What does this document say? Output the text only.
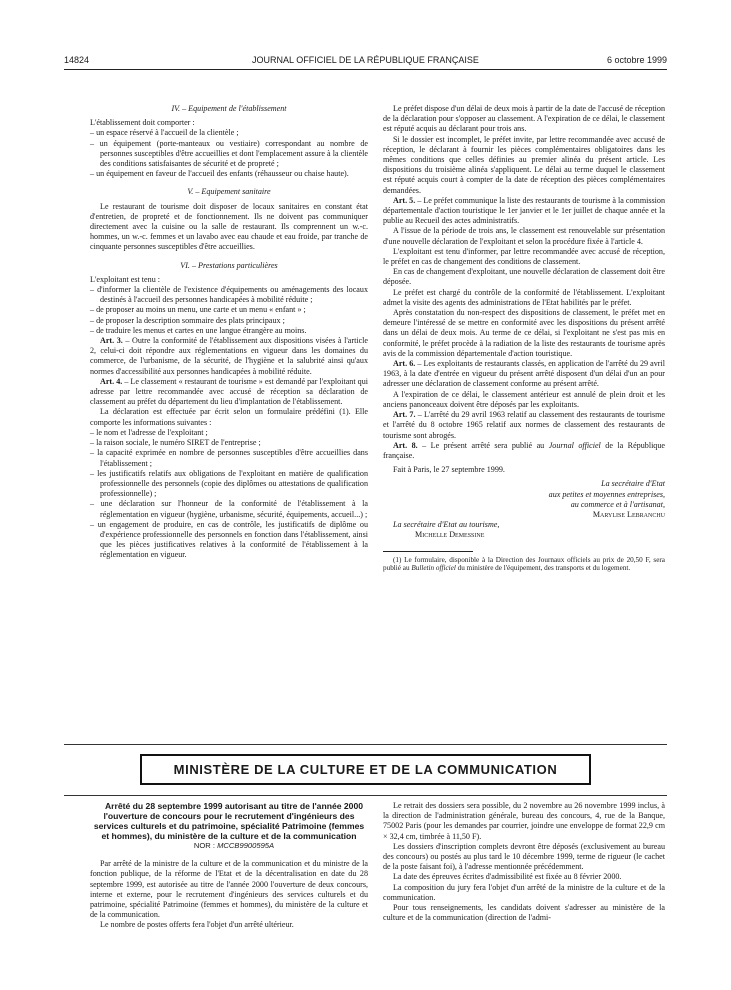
14824	JOURNAL OFFICIEL DE LA RÉPUBLIQUE FRANÇAISE	6 octobre 1999

IV. – Equipement de l'établissement

L'établissement doit comporter :

– un espace réservé à l'accueil de la clientèle ;

– un équipement (porte-manteaux ou vestiaire) correspondant au nombre de personnes susceptibles d'être accueillies et dont l'emplacement assure à la clientèle des conditions satisfaisantes de sécurité et de propreté ;

– un équipement en faveur de l'accueil des enfants (réhausseur ou chaise haute).

V. – Equipement sanitaire

Le restaurant de tourisme doit disposer de locaux sanitaires en constant état d'entretien, de propreté et de fonctionnement. Ils ne doivent pas communiquer directement avec la cuisine ou la salle de restaurant. Ils comprennent un w.-c. hommes, un w.-c. femmes et un lavabo avec eau chaude et eau froide, par tranche de cinquante personnes susceptibles d'être accueillies.

VI. – Prestations particulières

L'exploitant est tenu :

– d'informer la clientèle de l'existence d'équipements ou aménagements des locaux destinés à l'accueil des personnes handicapées à mobilité réduite ;

– de proposer au moins un menu, une carte et un menu « enfant » ;

– de proposer la description sommaire des plats principaux ;

– de traduire les menus et cartes en une langue étrangère au moins.

Art. 3. – Outre la conformité de l'établissement aux dispositions visées à l'article 2, celui-ci doit répondre aux réglementations en vigueur dans les domaines du commerce, de l'urbanisme, de la sécurité, de l'hygiène et la salubrité ainsi qu'aux normes d'accessibilité aux personnes handicapées à mobilité réduite.

Art. 4. – Le classement « restaurant de tourisme » est demandé par l'exploitant qui adresse par lettre recommandée avec accusé de réception sa déclaration de classement au préfet du département du lieu d'implantation de l'établissement.

La déclaration est effectuée par écrit selon un formulaire prédéfini (1). Elle comporte les informations suivantes :

– le nom et l'adresse de l'exploitant ;

– la raison sociale, le numéro SIRET de l'entreprise ;

– la capacité exprimée en nombre de personnes susceptibles d'être accueillies dans l'établissement ;

– les justificatifs relatifs aux obligations de l'exploitant en matière de qualification professionnelle des personnels (copie des diplômes ou attestations de qualification professionnelle) ;

– une déclaration sur l'honneur de la conformité de l'établissement à la réglementation en vigueur (hygiène, urbanisme, sécurité, équipements, accueil...) ;

– un engagement de produire, en cas de contrôle, les justificatifs de diplôme ou d'expérience professionnelle des personnels en fonction dans l'établissement, ainsi que les pièces justificatives relatives à la conformité de l'établissement à la réglementation en vigueur.

Le préfet dispose d'un délai de deux mois à partir de la date de l'accusé de réception de la déclaration pour s'opposer au classement. A l'expiration de ce délai, le classement est réputé acquis au déclarant pour trois ans.

Si le dossier est incomplet, le préfet invite, par lettre recommandée avec accusé de réception, le déclarant à fournir les pièces complémentaires obligatoires dans les mêmes conditions que celles définies au premier alinéa du présent article. Les dispositions du troisième alinéa s'appliquent. Le délai au terme duquel le classement est réputé acquis court à compter de la date de réception des pièces complémentaires demandées.

Art. 5. – Le préfet communique la liste des restaurants de tourisme à la commission départementale d'action touristique le 1er janvier et le 1er juillet de chaque année et la publie au Recueil des actes administratifs.

A l'issue de la période de trois ans, le classement est renouvelable sur présentation d'une nouvelle déclaration de l'exploitant et selon la procédure fixée à l'article 4.

L'exploitant est tenu d'informer, par lettre recommandée avec accusé de réception, le préfet en cas de changement des conditions de classement.

En cas de changement d'exploitant, une nouvelle déclaration de classement doit être déposée.

Le préfet est chargé du contrôle de la conformité de l'établissement. L'exploitant admet la visite des agents des administrations de l'Etat habilités par le préfet.

Après constatation du non-respect des dispositions de classement, le préfet met en demeure l'intéressé de se mettre en conformité avec les dispositions du présent arrêté dans un délai de deux mois. Au terme de ce délai, si l'exploitant ne s'est pas mis en conformité, le préfet procède à la radiation de la liste des restaurants de tourisme après avis de la commission départementale d'action touristique.

Art. 6. – Les exploitants de restaurants classés, en application de l'arrêté du 29 avril 1963, à la date d'entrée en vigueur du présent arrêté disposent d'un délai d'un an pour adresser une déclaration de classement conforme au présent arrêté.

A l'expiration de ce délai, le classement antérieur est annulé de plein droit et les anciens panonceaux doivent être déposés par les exploitants.

Art. 7. – L'arrêté du 29 avril 1963 relatif au classement des restaurants de tourisme et l'arrêté du 8 octobre 1965 relatif aux normes de classement des restaurants de tourisme sont abrogés.

Art. 8. – Le présent arrêté sera publié au Journal officiel de la République française.

Fait à Paris, le 27 septembre 1999.

La secrétaire d'Etat

aux petites et moyennes entreprises,

au commerce et à l'artisanat,

Marylise Lebranchu

La secrétaire d'Etat au tourisme,

Michelle Demessine

(1) Le formulaire, disponible à la Direction des Journaux officiels au prix de 20,50 F, sera publié au Bulletin officiel du ministère de l'équipement, des transports et du logement.

MINISTÈRE DE LA CULTURE ET DE LA COMMUNICATION

Arrêté du 28 septembre 1999 autorisant au titre de l'année 2000 l'ouverture de concours pour le recrutement d'ingénieurs des services culturels et du patrimoine, spécialité Patrimoine (femmes et hommes), du ministère de la culture et de la communication

NOR : MCCB9900595A

Par arrêté de la ministre de la culture et de la communication et du ministre de la fonction publique, de la réforme de l'Etat et de la décentralisation en date du 28 septembre 1999, est autorisée au titre de l'année 2000 l'ouverture de deux concours, interne et externe, pour le recrutement d'ingénieurs des services culturels et du patrimoine, spécialité Patrimoine (femmes et hommes), du ministère de la culture et de la communication.

Le nombre de postes offerts fera l'objet d'un arrêté ultérieur.

Le retrait des dossiers sera possible, du 2 novembre au 26 novembre 1999 inclus, à la direction de l'administration générale, bureau des concours, 4, rue de la Banque, 75002 Paris (pour les demandes par courrier, joindre une enveloppe de format 22,9 cm × 32,4 cm, timbrée à 11,50 F).

Les dossiers d'inscription complets devront être déposés (exclusivement au bureau des concours) ou postés au plus tard le 10 décembre 1999, terme de rigueur (le cachet de la poste faisant foi), à l'adresse mentionnée précédemment.

La date des épreuves écrites d'admissibilité est fixée au 8 février 2000.

La composition du jury fera l'objet d'un arrêté de la ministre de la culture et de la communication.

Pour tous renseignements, les candidats doivent s'adresser au ministère de la culture et de la communication (direction de l'admi-
